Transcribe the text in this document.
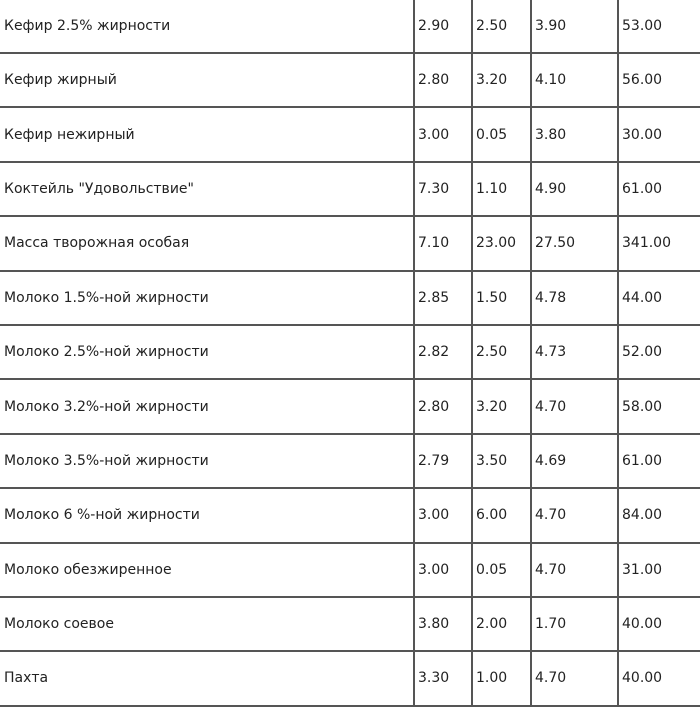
Кефир 2.5% жирности	2.90	2.50	3.90	53.00
Кефир жирный	2.80	3.20	4.10	56.00
Кефир нежирный	3.00	0.05	3.80	30.00
Коктейль "Удовольствие"	7.30	1.10	4.90	61.00
Масса творожная особая	7.10	23.00	27.50	341.00
Молоко 1.5%-ной жирности	2.85	1.50	4.78	44.00
Молоко 2.5%-ной жирности	2.82	2.50	4.73	52.00
Молоко 3.2%-ной жирности	2.80	3.20	4.70	58.00
Молоко 3.5%-ной жирности	2.79	3.50	4.69	61.00
Молоко 6 %-ной жирности	3.00	6.00	4.70	84.00
Молоко обезжиренное	3.00	0.05	4.70	31.00
Молоко соевое	3.80	2.00	1.70	40.00
Пахта	3.30	1.00	4.70	40.00
